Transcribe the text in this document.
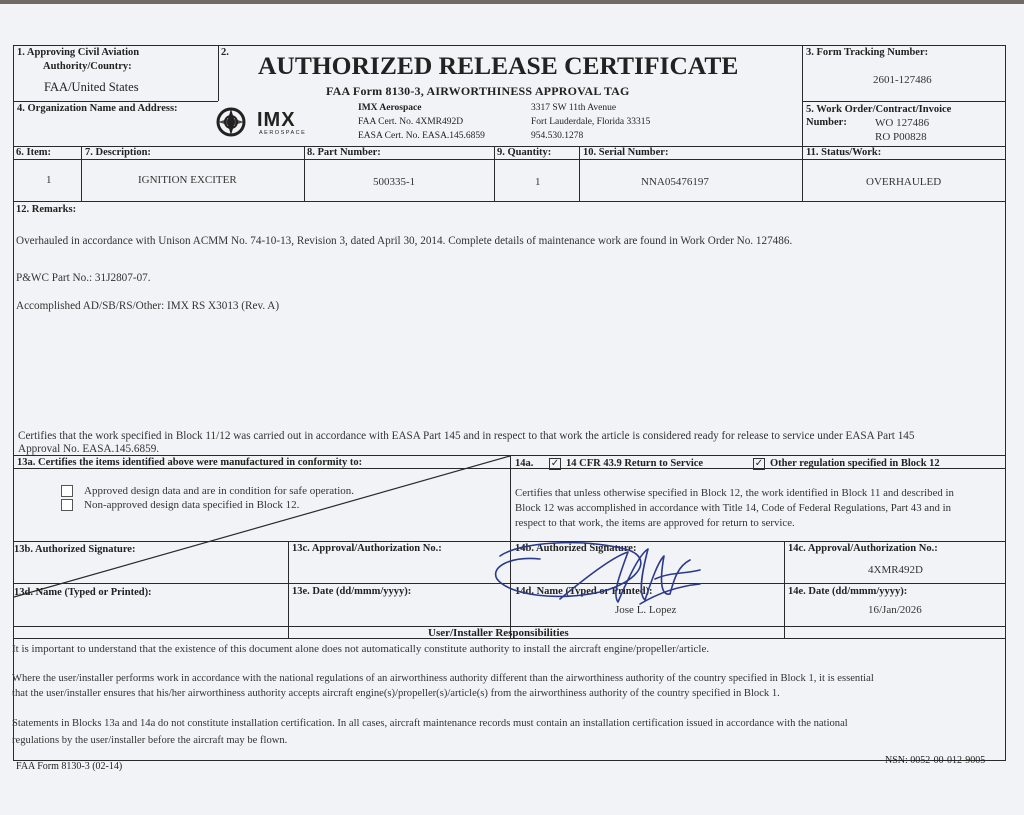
1. Approving Civil Aviation
Authority/Country:
FAA/United States
2. AUTHORIZED RELEASE CERTIFICATE
FAA Form 8130-3, AIRWORTHINESS APPROVAL TAG
3. Form Tracking Number:
2601-127486
4. Organization Name and Address:
IMX
AEROSPACE
IMX Aerospace
FAA Cert. No. 4XMR492D
EASA Cert. No. EASA.145.6859
3317 SW 11th Avenue
Fort Lauderdale, Florida 33315
954.530.1278
5. Work Order/Contract/Invoice
Number:	WO 127486
RO P00828
6. Item:	7. Description:	8. Part Number:	9. Quantity:	10. Serial Number:	11. Status/Work:
1	IGNITION EXCITER	500335-1	1	NNA05476197	OVERHAULED
12. Remarks:
Overhauled in accordance with Unison ACMM No. 74-10-13, Revision 3, dated April 30, 2014. Complete details of maintenance work are found in Work Order No. 127486.
P&WC Part No.: 31J2807-07.
Accomplished AD/SB/RS/Other: IMX RS X3013 (Rev. A)
Certifies that the work specified in Block 11/12 was carried out in accordance with EASA Part 145 and in respect to that work the article is considered ready for release to service under EASA Part 145
Approval No. EASA.145.6859.
13a. Certifies the items identified above were manufactured in conformity to:
Approved design data and are in condition for safe operation.
Non-approved design data specified in Block 12.
13b. Authorized Signature:	13c. Approval/Authorization No.:
13d. Name (Typed or Printed):	13e. Date (dd/mmm/yyyy):
14a. ✓ 14 CFR 43.9 Return to Service	✓ Other regulation specified in Block 12
Certifies that unless otherwise specified in Block 12, the work identified in Block 11 and described in
Block 12 was accomplished in accordance with Title 14, Code of Federal Regulations, Part 43 and in
respect to that work, the items are approved for return to service.
14b. Authorized Signature:	14c. Approval/Authorization No.:
4XMR492D
14d. Name (Typed or Printed):
Jose L. Lopez
14e. Date (dd/mmm/yyyy):
16/Jan/2026
User/Installer Responsibilities
It is important to understand that the existence of this document alone does not automatically constitute authority to install the aircraft engine/propeller/article.
Where the user/installer performs work in accordance with the national regulations of an airworthiness authority different than the airworthiness authority of the country specified in Block 1, it is essential
that the user/installer ensures that his/her airworthiness authority accepts aircraft engine(s)/propeller(s)/article(s) from the airworthiness authority of the country specified in Block 1.
Statements in Blocks 13a and 14a do not constitute installation certification. In all cases, aircraft maintenance records must contain an installation certification issued in accordance with the national
regulations by the user/installer before the aircraft may be flown.
FAA Form 8130-3 (02-14)
NSN: 0052-00-012-9005
